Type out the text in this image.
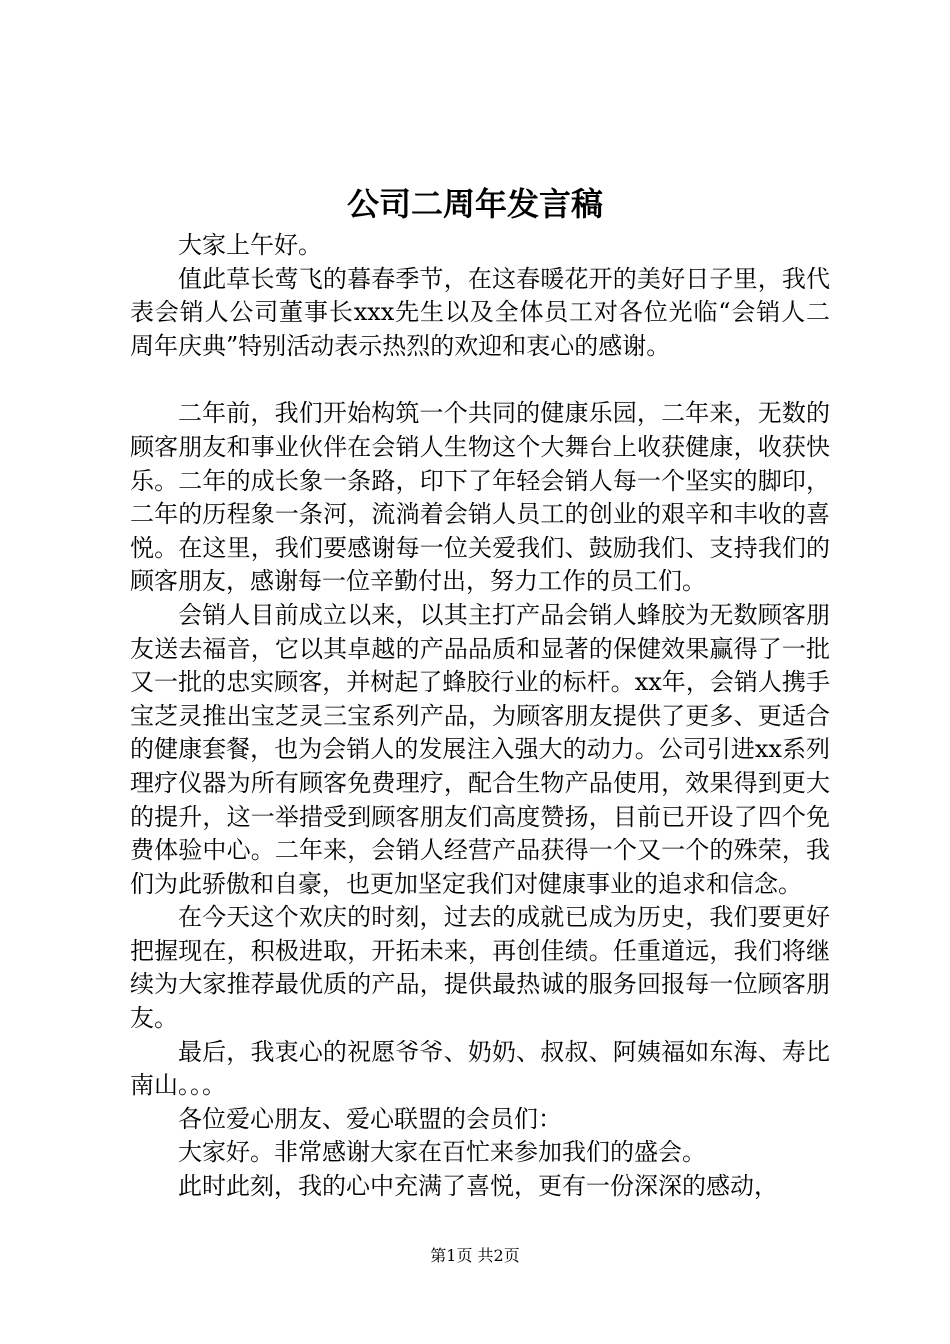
公司二周年发言稿

大家上午好。

值此草长莺飞的暮春季节，在这春暖花开的美好日子里，我代表会销人公司董事长xxx先生以及全体员工对各位光临“会销人二周年庆典”特别活动表示热烈的欢迎和衷心的感谢。

二年前，我们开始构筑一个共同的健康乐园，二年来，无数的顾客朋友和事业伙伴在会销人生物这个大舞台上收获健康，收获快乐。二年的成长象一条路，印下了年轻会销人每一个坚实的脚印，二年的历程象一条河，流淌着会销人员工的创业的艰辛和丰收的喜悦。在这里，我们要感谢每一位关爱我们、鼓励我们、支持我们的顾客朋友，感谢每一位辛勤付出，努力工作的员工们。

会销人目前成立以来，以其主打产品会销人蜂胶为无数顾客朋友送去福音，它以其卓越的产品品质和显著的保健效果赢得了一批又一批的忠实顾客，并树起了蜂胶行业的标杆。xx年，会销人携手宝芝灵推出宝芝灵三宝系列产品，为顾客朋友提供了更多、更适合的健康套餐，也为会销人的发展注入强大的动力。公司引进xx系列理疗仪器为所有顾客免费理疗，配合生物产品使用，效果得到更大的提升，这一举措受到顾客朋友们高度赞扬，目前已开设了四个免费体验中心。二年来，会销人经营产品获得一个又一个的殊荣，我们为此骄傲和自豪，也更加坚定我们对健康事业的追求和信念。

在今天这个欢庆的时刻，过去的成就已成为历史，我们要更好把握现在，积极进取，开拓未来，再创佳绩。任重道远，我们将继续为大家推荐最优质的产品，提供最热诚的服务回报每一位顾客朋友。

最后，我衷心的祝愿爷爷、奶奶、叔叔、阿姨福如东海、寿比南山。。。

各位爱心朋友、爱心联盟的会员们：

大家好。非常感谢大家在百忙来参加我们的盛会。

此时此刻，我的心中充满了喜悦，更有一份深深的感动，

第1页 共2页
